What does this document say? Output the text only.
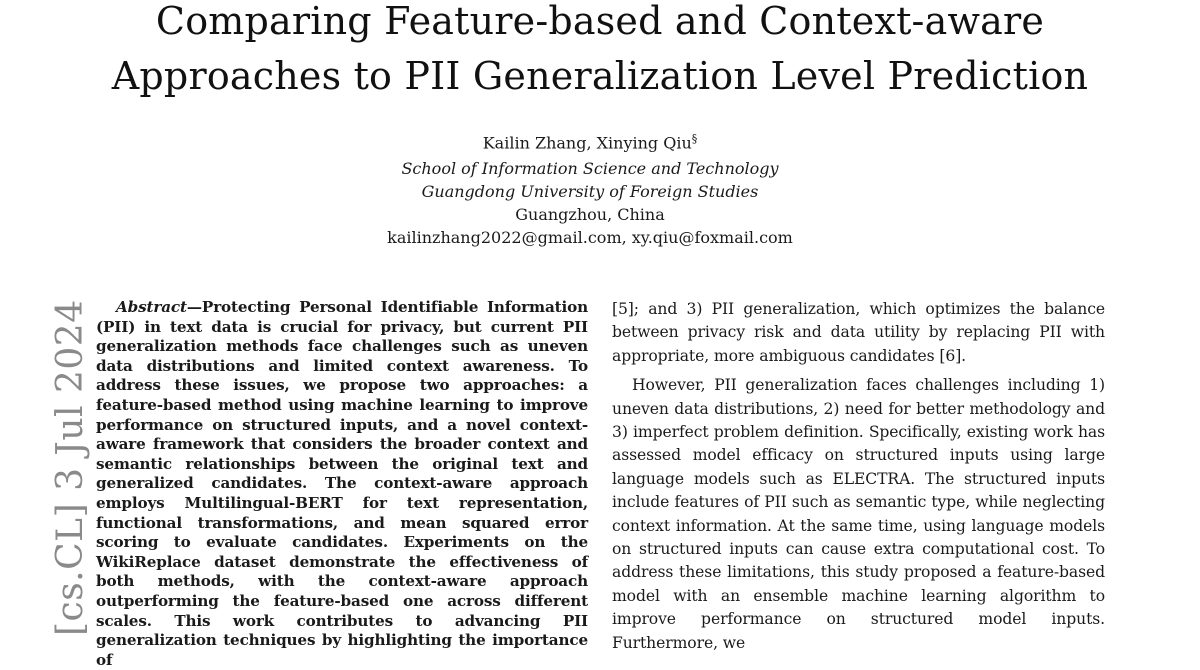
Comparing Feature-based and Context-aware
Approaches to PII Generalization Level Prediction
Kailin Zhang, Xinying Qiu§
School of Information Science and Technology
Guangdong University of Foreign Studies
Guangzhou, China
kailinzhang2022@gmail.com, xy.qiu@foxmail.com
[cs.CL] 3 Jul 2024	Abstract—Protecting Personal Identifiable Information (PII) in text data is crucial for privacy, but current PII generalization methods face challenges such as uneven data distributions and limited context awareness. To address these issues, we propose two approaches: a feature-based method using machine learning to improve performance on structured inputs, and a novel context-aware framework that considers the broader context and semantic relationships between the original text and generalized candidates. The context-aware approach employs Multilingual-BERT for text representation, functional transformations, and mean squared error scoring to evaluate candidates. Experiments on the WikiReplace dataset demonstrate the effectiveness of both methods, with the context-aware approach outperforming the feature-based one across different scales. This work contributes to advancing PII generalization techniques by highlighting the importance of

[5]; and 3) PII generalization, which optimizes the balance between privacy risk and data utility by replacing PII with appropriate, more ambiguous candidates [6].

However, PII generalization faces challenges including 1) uneven data distributions, 2) need for better methodology and 3) imperfect problem definition. Specifically, existing work has assessed model efficacy on structured inputs using large language models such as ELECTRA. The structured inputs include features of PII such as semantic type, while neglecting context information. At the same time, using language models on structured inputs can cause extra computational cost. To address these limitations, this study proposed a feature-based model with an ensemble machine learning algorithm to improve performance on structured model inputs. Furthermore, we
